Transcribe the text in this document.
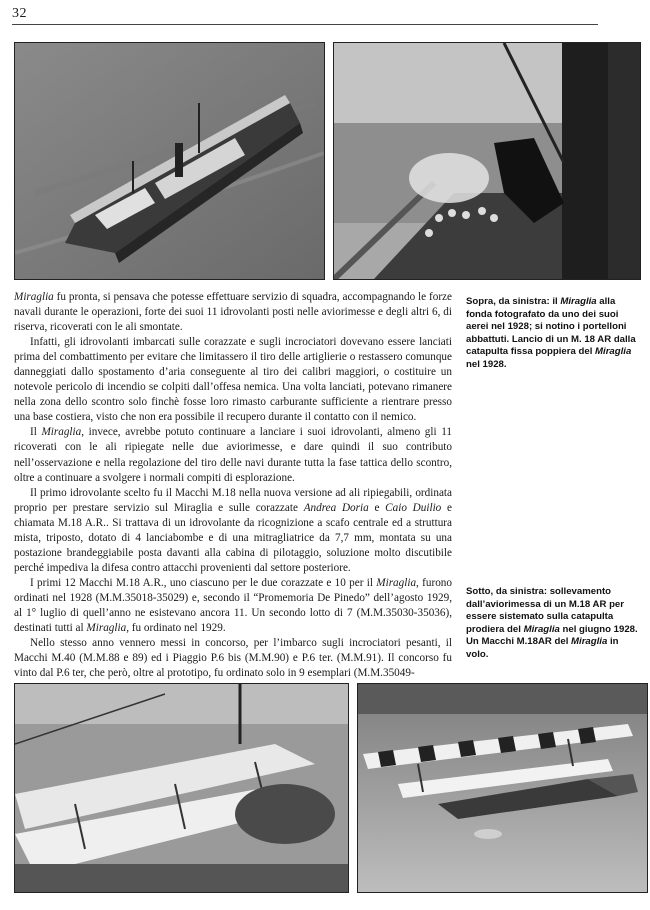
32

Miraglia fu pronta, si pensava che potesse effettuare servizio di squadra, accompagnando le forze navali durante le operazioni, forte dei suoi 11 idrovolanti posti nelle aviorimesse e degli altri 6, di riserva, ricoverati con le ali smontate.

Infatti, gli idrovolanti imbarcati sulle corazzate e sugli incrociatori dovevano essere lanciati prima del combattimento per evitare che limitassero il tiro delle artiglierie o restassero comunque danneggiati dallo spostamento d’aria conseguente al tiro dei calibri maggiori, o costituire un notevole pericolo di incendio se colpiti dall’offesa nemica. Una volta lanciati, potevano rimanere nella zona dello scontro solo finchè fosse loro rimasto carburante sufficiente a rientrare presso una base costiera, visto che non era possibile il recupero durante il contatto con il nemico.

Il Miraglia, invece, avrebbe potuto continuare a lanciare i suoi idrovolanti, almeno gli 11 ricoverati con le ali ripiegate nelle due aviorimesse, e dare quindi il suo contributo nell’osservazione e nella regolazione del tiro delle navi durante tutta la fase tattica dello scontro, oltre a continuare a svolgere i normali compiti di esplorazione.

Il primo idrovolante scelto fu il Macchi M.18 nella nuova versione ad ali ripiegabili, ordinata proprio per prestare servizio sul Miraglia e sulle corazzate Andrea Doria e Caio Duilio e chiamata M.18 A.R.. Si trattava di un idrovolante da ricognizione a scafo centrale ed a struttura mista, triposto, dotato di 4 lanciabombe e di una mitragliatrice da 7,7 mm, montata su una postazione brandeggiabile posta davanti alla cabina di pilotaggio, soluzione molto discutibile perché impediva la difesa contro attacchi provenienti dal settore posteriore.

I primi 12 Macchi M.18 A.R., uno ciascuno per le due corazzate e 10 per il Miraglia, furono ordinati nel 1928 (M.M.35018-35029) e, secondo il “Promemoria De Pinedo” dell’agosto 1929, al 1° luglio di quell’anno ne esistevano ancora 11. Un secondo lotto di 7 (M.M.35030-35036), destinati tutti al Miraglia, fu ordinato nel 1929.

Nello stesso anno vennero messi in concorso, per l’imbarco sugli incrociatori pesanti, il Macchi M.40 (M.M.88 e 89) ed i Piaggio P.6 bis (M.M.90) e P.6 ter. (M.M.91). Il concorso fu vinto dal P.6 ter, che però, oltre al prototipo, fu ordinato solo in 9 esemplari (M.M.35049-

Sopra, da sinistra: il Miraglia alla fonda fotografato da uno dei suoi aerei nel 1928; si notino i portelloni abbattuti. Lancio di un M. 18 AR dalla catapulta fissa poppiera del Miraglia nel 1928.
Sotto, da sinistra: sollevamento dall’aviorimessa di un M.18 AR per essere sistemato sulla catapulta prodiera del Miraglia nel giugno 1928. Un Macchi M.18AR del Miraglia in volo.
